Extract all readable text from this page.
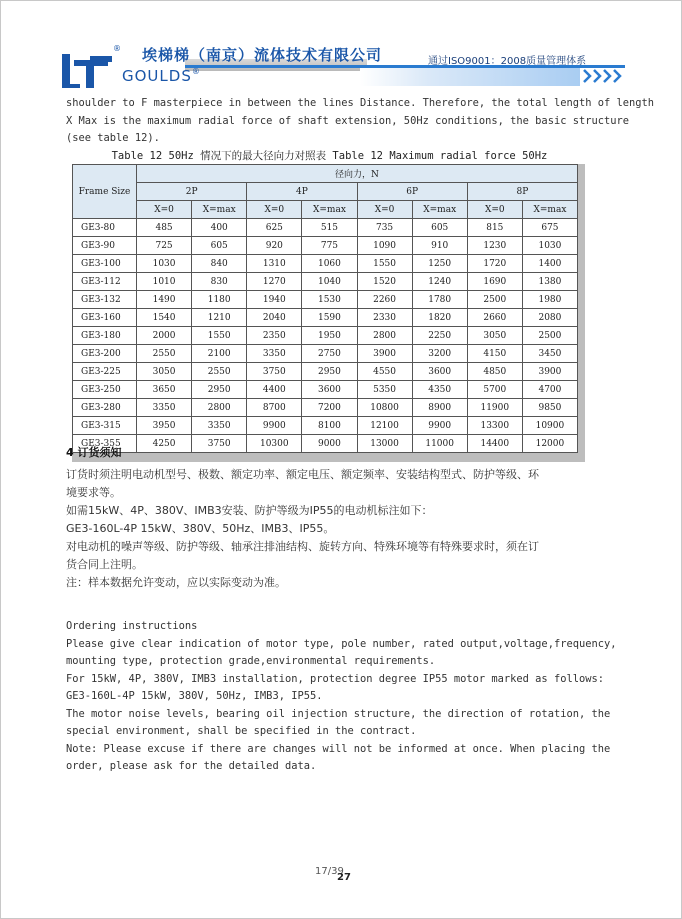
® 埃梯梯（南京）流体技术有限公司
GOULDS®
通过ISO9001：2008质量管理体系

shoulder to F masterpiece in between the lines Distance. Therefore, the total length of length
X Max is the maximum radial force of shaft extension, 50Hz conditions, the basic structure
(see table 12).

Table 12 50Hz 情况下的最大径向力对照表 Table 12 Maximum radial force 50Hz
Frame Size	径向力，N							
	2P		4P		6P		8P	
	X=0	X=max	X=0	X=max	X=0	X=max	X=0	X=max
GE3-80	485	400	625	515	735	605	815	675
GE3-90	725	605	920	775	1090	910	1230	1030
GE3-100	1030	840	1310	1060	1550	1250	1720	1400
GE3-112	1010	830	1270	1040	1520	1240	1690	1380
GE3-132	1490	1180	1940	1530	2260	1780	2500	1980
GE3-160	1540	1210	2040	1590	2330	1820	2660	2080
GE3-180	2000	1550	2350	1950	2800	2250	3050	2500
GE3-200	2550	2100	3350	2750	3900	3200	4150	3450
GE3-225	3050	2550	3750	2950	4550	3600	4850	3900
GE3-250	3650	2950	4400	3600	5350	4350	5700	4700
GE3-280	3350	2800	8700	7200	10800	8900	11900	9850
GE3-315	3950	3350	9900	8100	12100	9900	13300	10900
GE3-355	4250	3750	10300	9000	13000	11000	14400	12000
4 订货须知

订货时须注明电动机型号、极数、额定功率、额定电压、额定频率、安装结构型式、防护等级、环
境要求等。
如需15kW、4P、380V、IMB3安装、防护等级为IP55的电动机标注如下：
GE3-160L-4P 15kW、380V、50Hz、IMB3、IP55。
对电动机的噪声等级、防护等级、轴承注排油结构、旋转方向、特殊环境等有特殊要求时，须在订
货合同上注明。
注：样本数据允许变动，应以实际变动为准。

Ordering instructions
Please give clear indication of motor type, pole number, rated output,voltage,frequency,
mounting type, protection grade,environmental requirements.
For 15kW, 4P, 380V, IMB3 installation, protection degree IP55 motor marked as follows:
GE3-160L-4P 15kW, 380V, 50Hz, IMB3, IP55.
The motor noise levels, bearing oil injection structure, the direction of rotation, the
special environment, shall be specified in the contract.
Note: Please excuse if there are changes will not be informed at once. When placing the
order, please ask for the detailed data.

17/39
27
